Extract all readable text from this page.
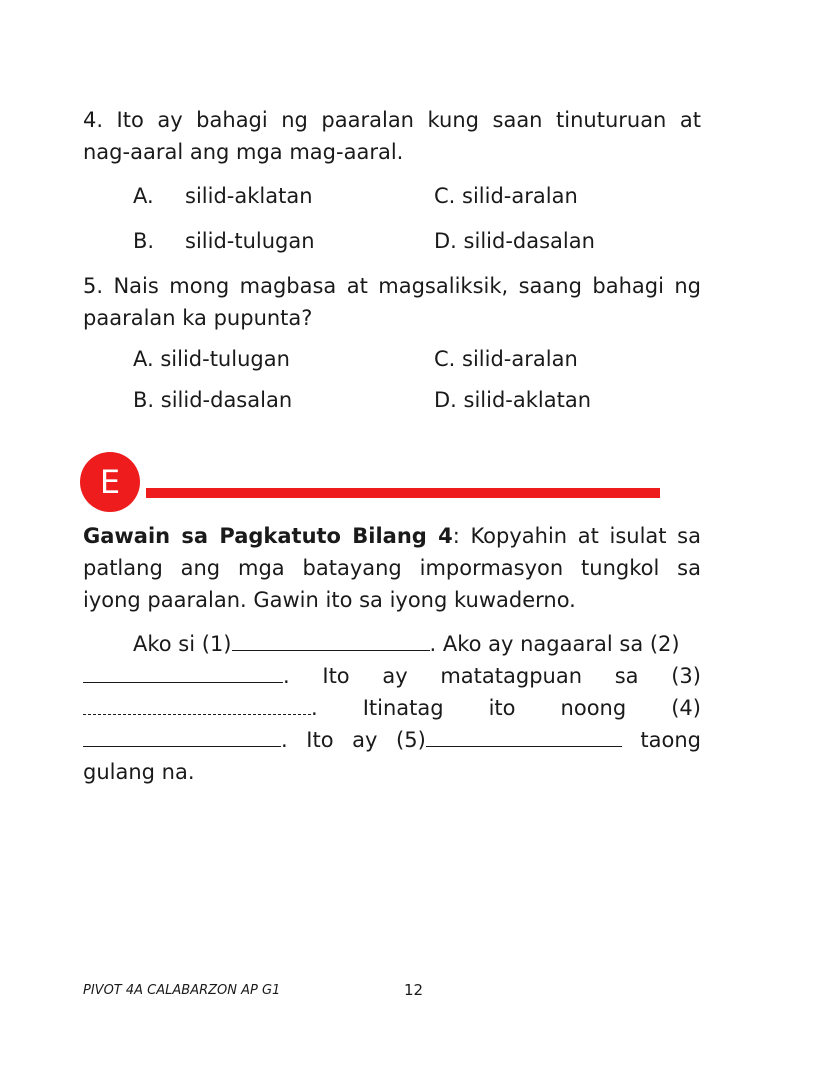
4. Ito ay bahagi ng paaralan kung saan tinuturuan at
nag-aaral ang mga mag-aaral.
A. silid-aklatan	C. silid-aralan
B. silid-tulugan	D. silid-dasalan
5. Nais mong magbasa at magsaliksik, saang bahagi ng
paaralan ka pupunta?
A. silid-tulugan	C. silid-aralan
B. silid-dasalan	D. silid-aklatan
E
Gawain sa Pagkatuto Bilang 4: Kopyahin at isulat sa
patlang ang mga batayang impormasyon tungkol sa
iyong paaralan. Gawin ito sa iyong kuwaderno.
Ako si (1)	. Ako ay nagaaral sa (2)
. Ito ay matatagpuan sa (3)
. Itinatag ito noong (4)
. Ito ay (5)	taong
gulang na.
PIVOT 4A CALABARZON AP G1	12
